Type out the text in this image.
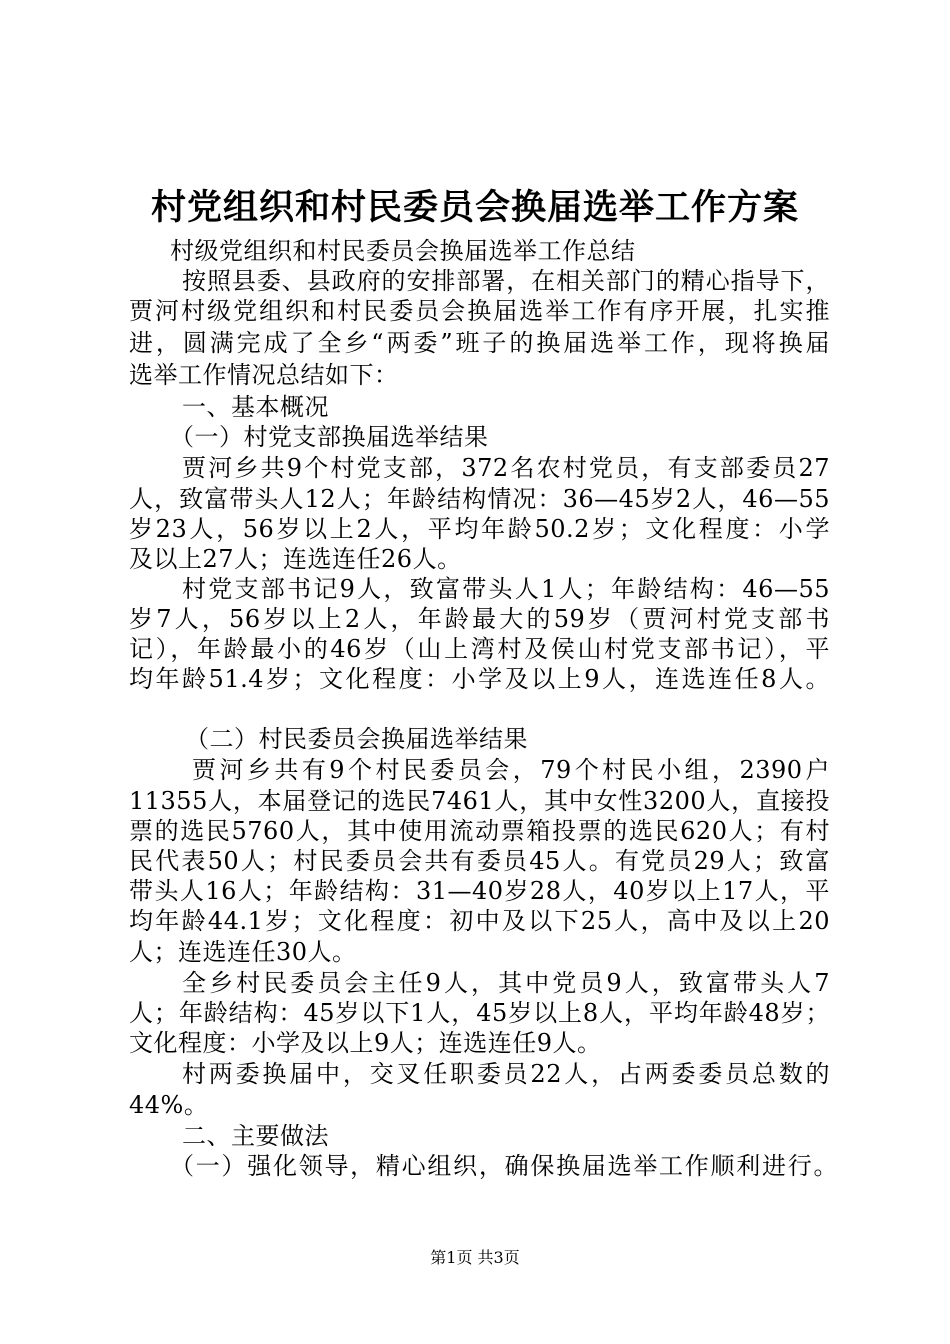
村党组织和村民委员会换届选举工作方案
村级党组织和村民委员会换届选举工作总结
按照县委、县政府的安排部署，在相关部门的精心指导下，
贾河村级党组织和村民委员会换届选举工作有序开展，扎实推
进，圆满完成了全乡“两委”班子的换届选举工作，现将换届
选举工作情况总结如下：
一、基本概况
（一）村党支部换届选举结果
贾河乡共9个村党支部，372名农村党员，有支部委员27
人，致富带头人12人；年龄结构情况：36—45岁2人，46—55
岁23人，56岁以上2人，平均年龄50.2岁；文化程度：小学
及以上27人；连选连任26人。
村党支部书记9人，致富带头人1人；年龄结构：46—55
岁7人，56岁以上2人，年龄最大的59岁（贾河村党支部书
记），年龄最小的46岁（山上湾村及侯山村党支部书记），平
均年龄51.4岁；文化程度：小学及以上9人，连选连任8人。
（二）村民委员会换届选举结果
贾河乡共有9个村民委员会，79个村民小组，2390户
11355人，本届登记的选民7461人，其中女性3200人，直接投
票的选民5760人，其中使用流动票箱投票的选民620人；有村
民代表50人；村民委员会共有委员45人。有党员29人；致富
带头人16人；年龄结构：31—40岁28人，40岁以上17人，平
均年龄44.1岁；文化程度：初中及以下25人，高中及以上20
人；连选连任30人。
全乡村民委员会主任9人，其中党员9人，致富带头人7
人；年龄结构：45岁以下1人，45岁以上8人，平均年龄48岁；
文化程度：小学及以上9人；连选连任9人。
村两委换届中，交叉任职委员22人，占两委委员总数的
44%。
二、主要做法
（一）强化领导，精心组织，确保换届选举工作顺利进行。
第1页 共3页
